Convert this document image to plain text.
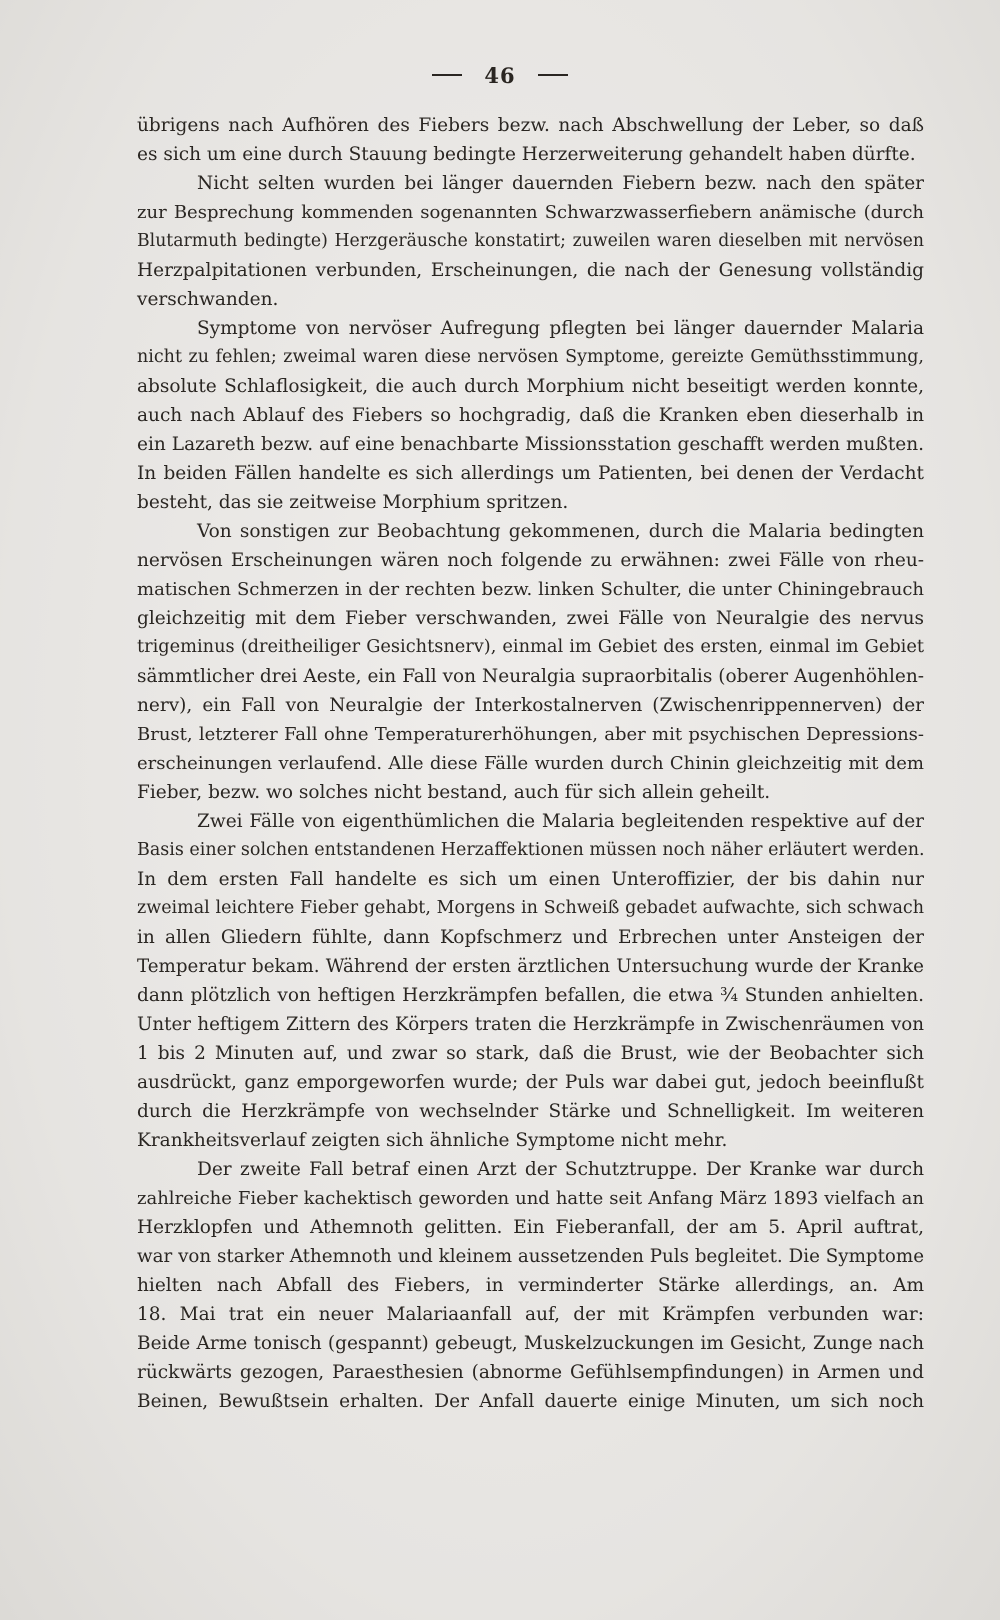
46

übrigens nach Aufhören des Fiebers bezw. nach Abschwellung der Leber, so daß
es sich um eine durch Stauung bedingte Herzerweiterung gehandelt haben dürfte.

Nicht selten wurden bei länger dauernden Fiebern bezw. nach den später
zur Besprechung kommenden sogenannten Schwarzwasserfiebern anämische (durch
Blutarmuth bedingte) Herzgeräusche konstatirt; zuweilen waren dieselben mit nervösen
Herzpalpitationen verbunden, Erscheinungen, die nach der Genesung vollständig
verschwanden.

Symptome von nervöser Aufregung pflegten bei länger dauernder Malaria
nicht zu fehlen; zweimal waren diese nervösen Symptome, gereizte Gemüthsstimmung,
absolute Schlaflosigkeit, die auch durch Morphium nicht beseitigt werden konnte,
auch nach Ablauf des Fiebers so hochgradig, daß die Kranken eben dieserhalb in
ein Lazareth bezw. auf eine benachbarte Missionsstation geschafft werden mußten.
In beiden Fällen handelte es sich allerdings um Patienten, bei denen der Verdacht
besteht, das sie zeitweise Morphium spritzen.

Von sonstigen zur Beobachtung gekommenen, durch die Malaria bedingten
nervösen Erscheinungen wären noch folgende zu erwähnen: zwei Fälle von rheu-
matischen Schmerzen in der rechten bezw. linken Schulter, die unter Chiningebrauch
gleichzeitig mit dem Fieber verschwanden, zwei Fälle von Neuralgie des nervus
trigeminus (dreitheiliger Gesichtsnerv), einmal im Gebiet des ersten, einmal im Gebiet
sämmtlicher drei Aeste, ein Fall von Neuralgia supraorbitalis (oberer Augenhöhlen-
nerv), ein Fall von Neuralgie der Interkostalnerven (Zwischenrippennerven) der
Brust, letzterer Fall ohne Temperaturerhöhungen, aber mit psychischen Depressions-
erscheinungen verlaufend. Alle diese Fälle wurden durch Chinin gleichzeitig mit dem
Fieber, bezw. wo solches nicht bestand, auch für sich allein geheilt.

Zwei Fälle von eigenthümlichen die Malaria begleitenden respektive auf der
Basis einer solchen entstandenen Herzaffektionen müssen noch näher erläutert werden.
In dem ersten Fall handelte es sich um einen Unteroffizier, der bis dahin nur
zweimal leichtere Fieber gehabt, Morgens in Schweiß gebadet aufwachte, sich schwach
in allen Gliedern fühlte, dann Kopfschmerz und Erbrechen unter Ansteigen der
Temperatur bekam. Während der ersten ärztlichen Untersuchung wurde der Kranke
dann plötzlich von heftigen Herzkrämpfen befallen, die etwa ¾ Stunden anhielten.
Unter heftigem Zittern des Körpers traten die Herzkrämpfe in Zwischenräumen von
1 bis 2 Minuten auf, und zwar so stark, daß die Brust, wie der Beobachter sich
ausdrückt, ganz emporgeworfen wurde; der Puls war dabei gut, jedoch beeinflußt
durch die Herzkrämpfe von wechselnder Stärke und Schnelligkeit. Im weiteren
Krankheitsverlauf zeigten sich ähnliche Symptome nicht mehr.

Der zweite Fall betraf einen Arzt der Schutztruppe. Der Kranke war durch
zahlreiche Fieber kachektisch geworden und hatte seit Anfang März 1893 vielfach an
Herzklopfen und Athemnoth gelitten. Ein Fieberanfall, der am 5. April auftrat,
war von starker Athemnoth und kleinem aussetzenden Puls begleitet. Die Symptome
hielten nach Abfall des Fiebers, in verminderter Stärke allerdings, an. Am
18. Mai trat ein neuer Malariaanfall auf, der mit Krämpfen verbunden war:
Beide Arme tonisch (gespannt) gebeugt, Muskelzuckungen im Gesicht, Zunge nach
rückwärts gezogen, Paraesthesien (abnorme Gefühlsempfindungen) in Armen und
Beinen, Bewußtsein erhalten. Der Anfall dauerte einige Minuten, um sich noch
